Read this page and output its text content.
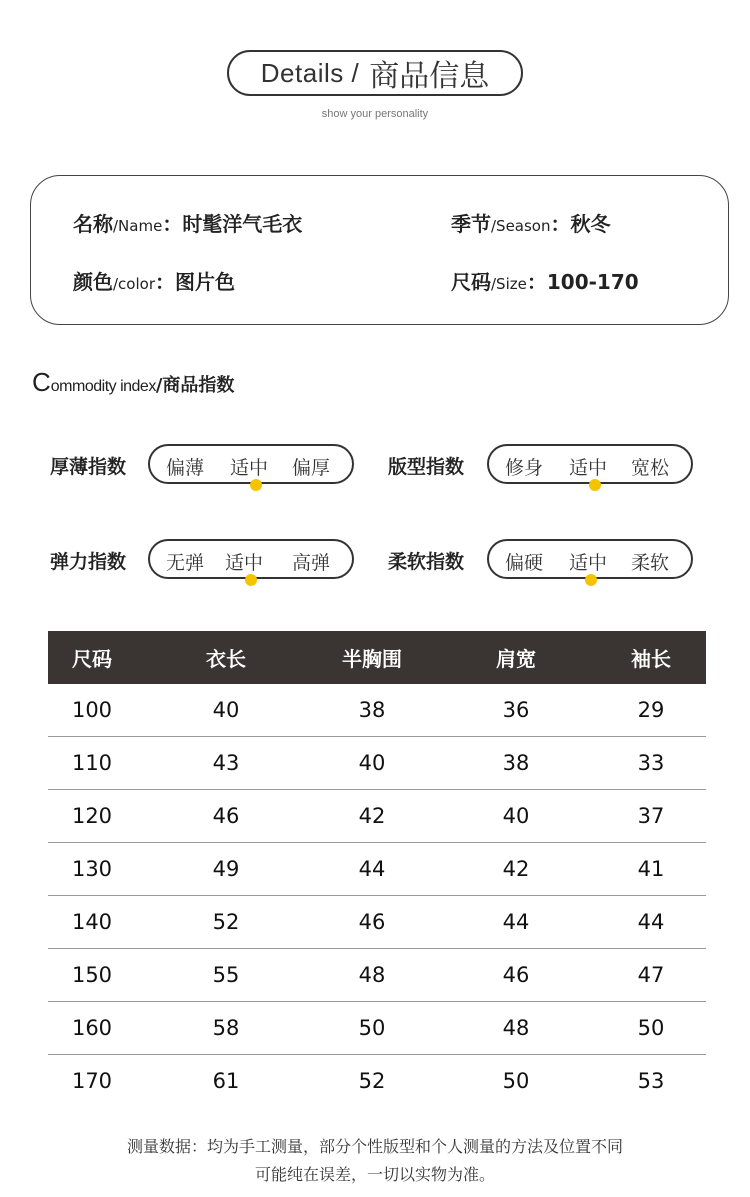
Details / 商品信息
show your personality
名称/Name：时髦洋气毛衣	季节/Season：秋冬
颜色/color：图片色	尺码/Size：100-170
Commodity index/商品指数
厚薄指数 偏薄 适中 偏厚	版型指数 修身 适中 宽松
弹力指数 无弹 适中 高弹	柔软指数 偏硬 适中 柔软
尺码	衣长	半胸围	肩宽	袖长
100	40	38	36	29
110	43	40	38	33
120	46	42	40	37
130	49	44	42	41
140	52	46	44	44
150	55	48	46	47
160	58	50	48	50
170	61	52	50	53
测量数据：均为手工测量，部分个性版型和个人测量的方法及位置不同
可能纯在误差，一切以实物为准。
